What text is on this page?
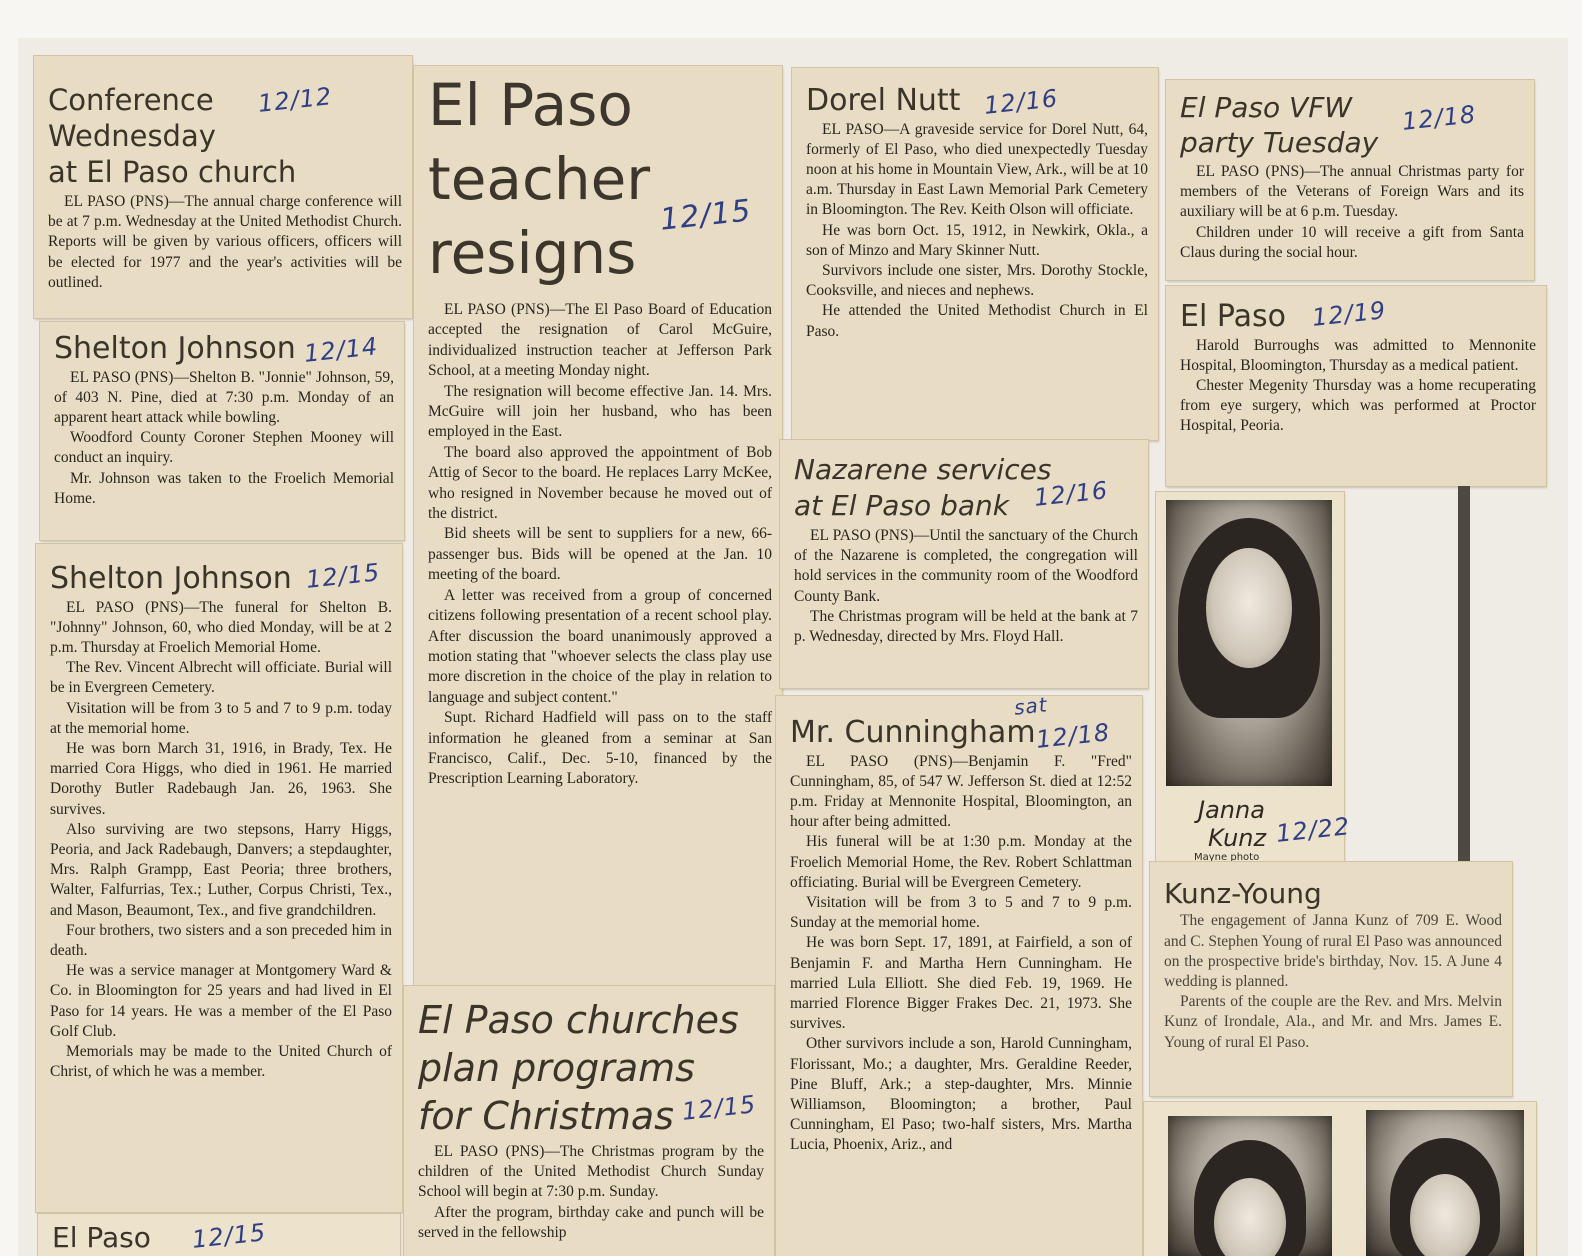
Conference
Wednesday
at El Paso church

EL PASO (PNS)—The annual charge conference will be at 7 p.m. Wednesday at the United Methodist Church. Reports will be given by various officers, officers will be elected for 1977 and the year's activities will be outlined.

12/12
Shelton Johnson

EL PASO (PNS)—Shelton B. "Jonnie" Johnson, 59, of 403 N. Pine, died at 7:30 p.m. Monday of an apparent heart attack while bowling.

Woodford County Coroner Stephen Mooney will conduct an inquiry.

Mr. Johnson was taken to the Froelich Memorial Home.

12/14
Shelton Johnson

EL PASO (PNS)—The funeral for Shelton B. "Johnny" Johnson, 60, who died Monday, will be at 2 p.m. Thursday at Froelich Memorial Home.

The Rev. Vincent Albrecht will officiate. Burial will be in Evergreen Cemetery.

Visitation will be from 3 to 5 and 7 to 9 p.m. today at the memorial home.

He was born March 31, 1916, in Brady, Tex. He married Cora Higgs, who died in 1961. He married Dorothy Butler Radebaugh Jan. 26, 1963. She survives.

Also surviving are two stepsons, Harry Higgs, Peoria, and Jack Radebaugh, Danvers; a stepdaughter, Mrs. Ralph Grampp, East Peoria; three brothers, Walter, Falfurrias, Tex.; Luther, Corpus Christi, Tex., and Mason, Beaumont, Tex., and five grandchildren.

Four brothers, two sisters and a son preceded him in death.

He was a service manager at Montgomery Ward & Co. in Bloomington for 25 years and had lived in El Paso for 14 years. He was a member of the El Paso Golf Club.

Memorials may be made to the United Church of Christ, of which he was a member.

12/15
El Paso	12/15
El Paso
teacher
resigns

EL PASO (PNS)—The El Paso Board of Education accepted the resignation of Carol McGuire, individualized instruction teacher at Jefferson Park School, at a meeting Monday night.

The resignation will become effective Jan. 14. Mrs. McGuire will join her husband, who has been employed in the East.

The board also approved the appointment of Bob Attig of Secor to the board. He replaces Larry McKee, who resigned in November because he moved out of the district.

Bid sheets will be sent to suppliers for a new, 66-passenger bus. Bids will be opened at the Jan. 10 meeting of the board.

A letter was received from a group of concerned citizens following presentation of a recent school play. After discussion the board unanimously approved a motion stating that "whoever selects the class play use more discretion in the choice of the play in relation to language and subject content."

Supt. Richard Hadfield will pass on to the staff information he gleaned from a seminar at San Francisco, Calif., Dec. 5-10, financed by the Prescription Learning Laboratory.

12/15
El Paso churches
plan programs
for Christmas

EL PASO (PNS)—The Christmas program by the children of the United Methodist Church Sunday School will begin at 7:30 p.m. Sunday.

After the program, birthday cake and punch will be served in the fellowship

12/15
Dorel Nutt

EL PASO—A graveside service for Dorel Nutt, 64, formerly of El Paso, who died unexpectedly Tuesday noon at his home in Mountain View, Ark., will be at 10 a.m. Thursday in East Lawn Memorial Park Cemetery in Bloomington. The Rev. Keith Olson will officiate.

He was born Oct. 15, 1912, in Newkirk, Okla., a son of Minzo and Mary Skinner Nutt.

Survivors include one sister, Mrs. Dorothy Stockle, Cooksville, and nieces and nephews.

He attended the United Methodist Church in El Paso.

12/16
Nazarene services
at El Paso bank

EL PASO (PNS)—Until the sanctuary of the Church of the Nazarene is completed, the congregation will hold services in the community room of the Woodford County Bank.

The Christmas program will be held at the bank at 7 p. Wednesday, directed by Mrs. Floyd Hall.

12/16
Mr. Cunningham

EL PASO (PNS)—Benjamin F. "Fred" Cunningham, 85, of 547 W. Jefferson St. died at 12:52 p.m. Friday at Mennonite Hospital, Bloomington, an hour after being admitted.

His funeral will be at 1:30 p.m. Monday at the Froelich Memorial Home, the Rev. Robert Schlattman officiating. Burial will be Evergreen Cemetery.

Visitation will be from 3 to 5 and 7 to 9 p.m. Sunday at the memorial home.

He was born Sept. 17, 1891, at Fairfield, a son of Benjamin F. and Martha Hern Cunningham. He married Lula Elliott. She died Feb. 19, 1969. He married Florence Bigger Frakes Dec. 21, 1973. She survives.

Other survivors include a son, Harold Cunningham, Florissant, Mo.; a daughter, Mrs. Geraldine Reeder, Pine Bluff, Ark.; a step-daughter, Mrs. Minnie Williamson, Bloomington; a brother, Paul Cunningham, El Paso; two-half sisters, Mrs. Martha Lucia, Phoenix, Ariz., and

12/18
sat
El Paso VFW
party Tuesday

EL PASO (PNS)—The annual Christmas party for members of the Veterans of Foreign Wars and its auxiliary will be at 6 p.m. Tuesday.

Children under 10 will receive a gift from Santa Claus during the social hour.

12/18
El Paso

Harold Burroughs was admitted to Mennonite Hospital, Bloomington, Thursday as a medical patient.

Chester Megenity Thursday was a home recuperating from eye surgery, which was performed at Proctor Hospital, Peoria.

12/19
Janna
Kunz
Mayne photo
12/22
Kunz-Young

The engagement of Janna Kunz of 709 E. Wood and C. Stephen Young of rural El Paso was announced on the prospective bride's birthday, Nov. 15. A June 4 wedding is planned.

Parents of the couple are the Rev. and Mrs. Melvin Kunz of Irondale, Ala., and Mr. and Mrs. James E. Young of rural El Paso.
